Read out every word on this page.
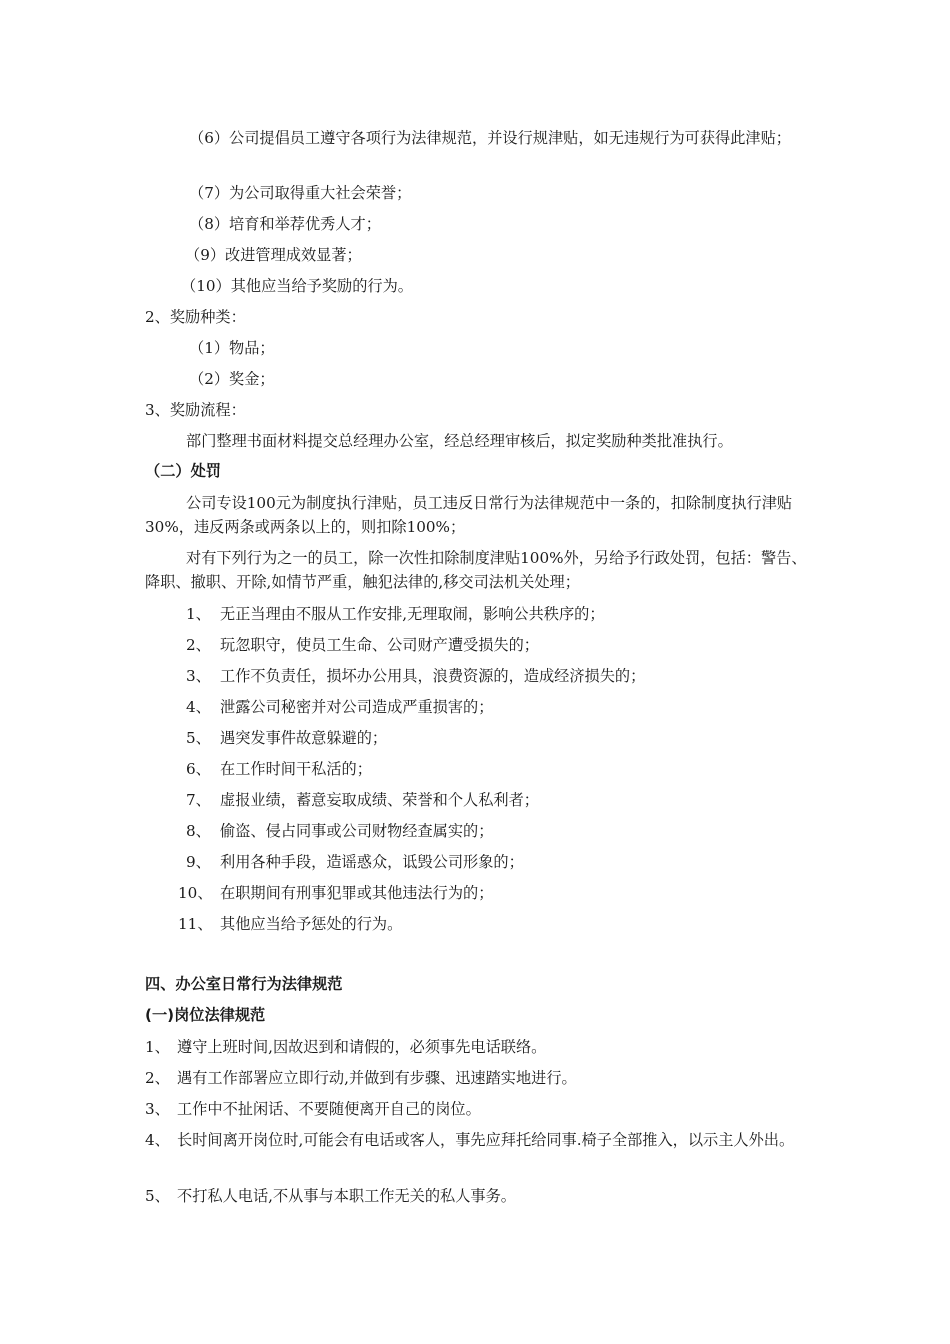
（6）公司提倡员工遵守各项行为法律规范，并设行规津贴，如无违规行为可获得此津贴；
（7）为公司取得重大社会荣誉；
（8）培育和举荐优秀人才；
（9）改进管理成效显著；
（10）其他应当给予奖励的行为。
2、奖励种类：
（1）物品；
（2）奖金；
3、奖励流程：
部门整理书面材料提交总经理办公室，经总经理审核后，拟定奖励种类批准执行。
（二）处罚
公司专设100元为制度执行津贴，员工违反日常行为法律规范中一条的，扣除制度执行津贴30%，违反两条或两条以上的，则扣除100%；
对有下列行为之一的员工，除一次性扣除制度津贴100%外，另给予行政处罚，包括：警告、降职、撤职、开除,如情节严重，触犯法律的,移交司法机关处理；
1、 无正当理由不服从工作安排,无理取闹，影响公共秩序的；
2、 玩忽职守，使员工生命、公司财产遭受损失的；
3、 工作不负责任，损坏办公用具，浪费资源的，造成经济损失的；
4、 泄露公司秘密并对公司造成严重损害的；
5、 遇突发事件故意躲避的；
6、 在工作时间干私活的；
7、 虚报业绩，蓄意妄取成绩、荣誉和个人私利者；
8、 偷盗、侵占同事或公司财物经查属实的；
9、 利用各种手段，造谣惑众，诋毁公司形象的；
10、 在职期间有刑事犯罪或其他违法行为的；
11、 其他应当给予惩处的行为。
四、办公室日常行为法律规范
(一)岗位法律规范
1、 遵守上班时间,因故迟到和请假的，必须事先电话联络。
2、 遇有工作部署应立即行动,并做到有步骤、迅速踏实地进行。
3、 工作中不扯闲话、不要随便离开自己的岗位。
4、 长时间离开岗位时,可能会有电话或客人，事先应拜托给同事.椅子全部推入，以示主人外出。
5、 不打私人电话,不从事与本职工作无关的私人事务。
